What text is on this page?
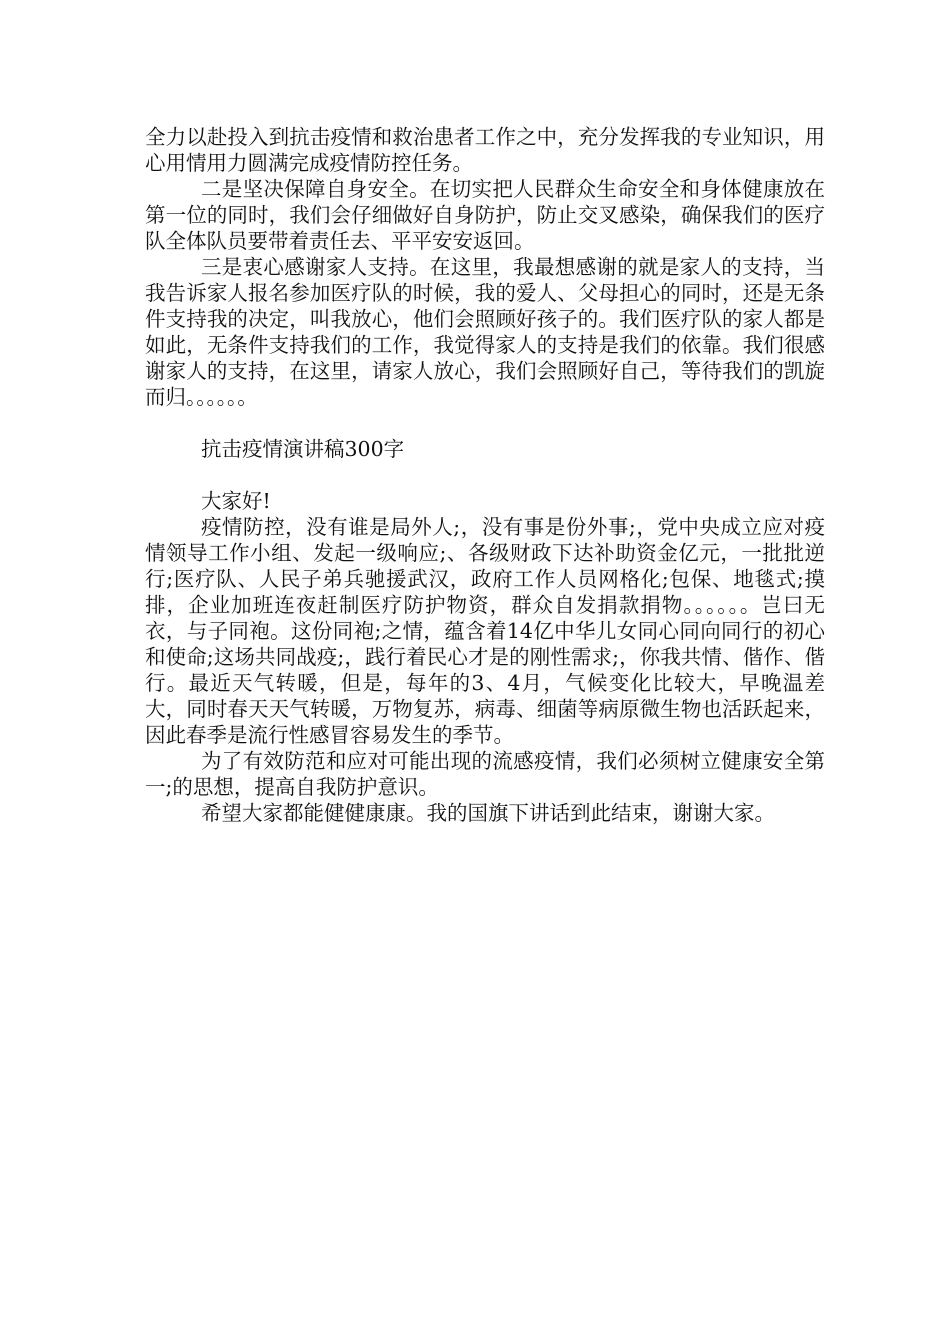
全力以赴投入到抗击疫情和救治患者工作之中，充分发挥我的专业知识，用心用情用力圆满完成疫情防控任务。

二是坚决保障自身安全。在切实把人民群众生命安全和身体健康放在第一位的同时，我们会仔细做好自身防护，防止交叉感染，确保我们的医疗队全体队员要带着责任去、平平安安返回。

三是衷心感谢家人支持。在这里，我最想感谢的就是家人的支持，当我告诉家人报名参加医疗队的时候，我的爱人、父母担心的同时，还是无条件支持我的决定，叫我放心，他们会照顾好孩子的。我们医疗队的家人都是如此，无条件支持我们的工作，我觉得家人的支持是我们的依靠。我们很感谢家人的支持，在这里，请家人放心，我们会照顾好自己，等待我们的凯旋而归。。。。。。

抗击疫情演讲稿300字

大家好!

疫情防控，没有谁是局外人;，没有事是份外事;，党中央成立应对疫情领导工作小组、发起一级响应;、各级财政下达补助资金亿元，一批批逆行;医疗队、人民子弟兵驰援武汉，政府工作人员网格化;包保、地毯式;摸排，企业加班连夜赶制医疗防护物资，群众自发捐款捐物。。。。。。岂曰无衣，与子同袍。这份同袍;之情，蕴含着14亿中华儿女同心同向同行的初心和使命;这场共同战疫;，践行着民心才是的刚性需求;，你我共情、偕作、偕行。最近天气转暖，但是，每年的3、4月，气候变化比较大，早晚温差大，同时春天天气转暖，万物复苏，病毒、细菌等病原微生物也活跃起来，因此春季是流行性感冒容易发生的季节。

为了有效防范和应对可能出现的流感疫情，我们必须树立健康安全第一;的思想，提高自我防护意识。

希望大家都能健健康康。我的国旗下讲话到此结束，谢谢大家。
